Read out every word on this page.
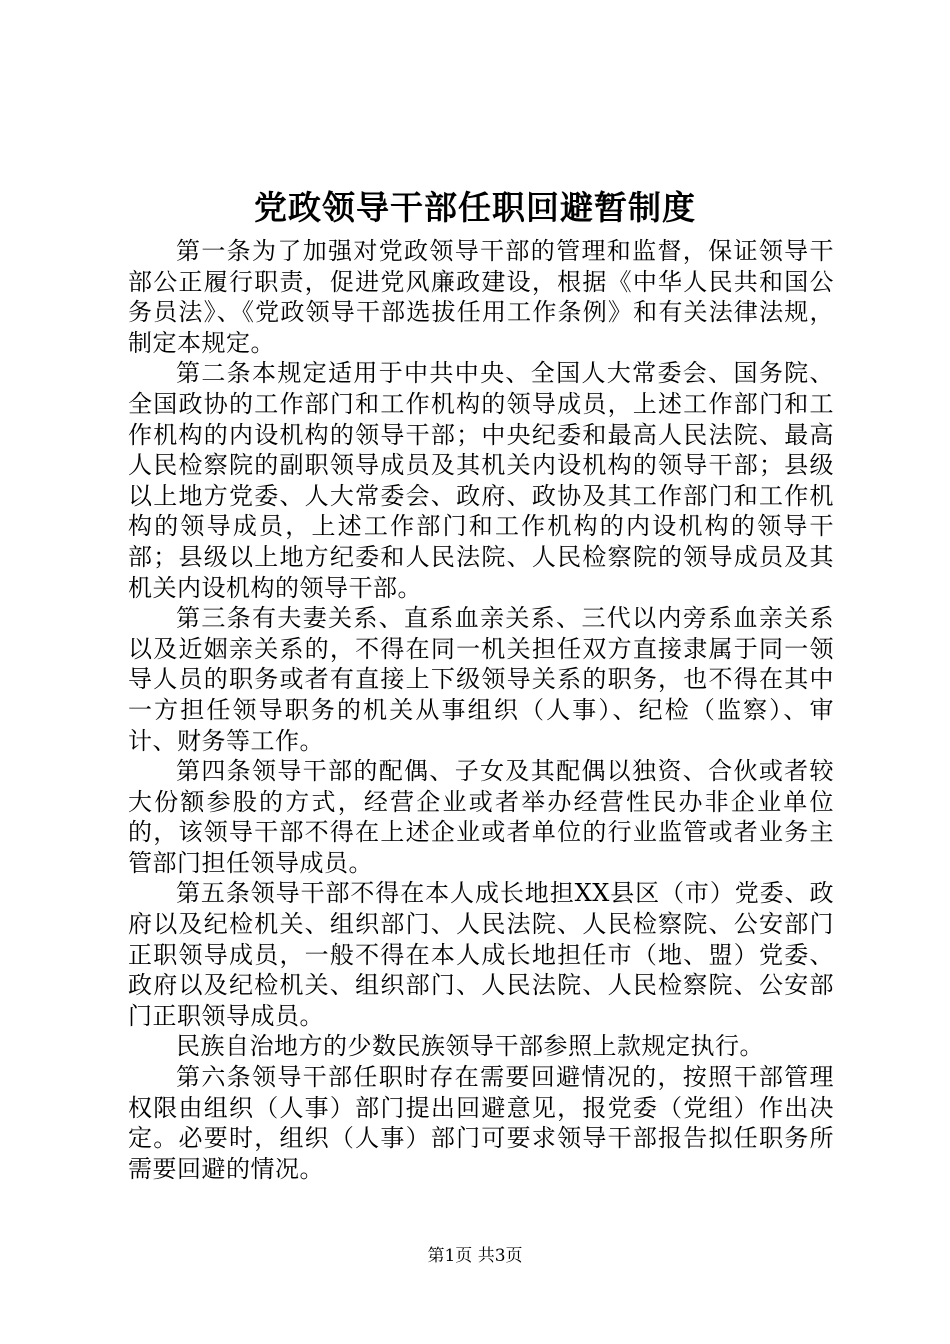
党政领导干部任职回避暂制度

第一条为了加强对党政领导干部的管理和监督，保证领导干部公正履行职责，促进党风廉政建设，根据《中华人民共和国公务员法》、《党政领导干部选拔任用工作条例》和有关法律法规，制定本规定。

第二条本规定适用于中共中央、全国人大常委会、国务院、全国政协的工作部门和工作机构的领导成员，上述工作部门和工作机构的内设机构的领导干部；中央纪委和最高人民法院、最高人民检察院的副职领导成员及其机关内设机构的领导干部；县级以上地方党委、人大常委会、政府、政协及其工作部门和工作机构的领导成员，上述工作部门和工作机构的内设机构的领导干部；县级以上地方纪委和人民法院、人民检察院的领导成员及其机关内设机构的领导干部。

第三条有夫妻关系、直系血亲关系、三代以内旁系血亲关系以及近姻亲关系的，不得在同一机关担任双方直接隶属于同一领导人员的职务或者有直接上下级领导关系的职务，也不得在其中一方担任领导职务的机关从事组织（人事）、纪检（监察）、审计、财务等工作。

第四条领导干部的配偶、子女及其配偶以独资、合伙或者较大份额参股的方式，经营企业或者举办经营性民办非企业单位的，该领导干部不得在上述企业或者单位的行业监管或者业务主管部门担任领导成员。

第五条领导干部不得在本人成长地担XX县区（市）党委、政府以及纪检机关、组织部门、人民法院、人民检察院、公安部门正职领导成员，一般不得在本人成长地担任市（地、盟）党委、政府以及纪检机关、组织部门、人民法院、人民检察院、公安部门正职领导成员。

民族自治地方的少数民族领导干部参照上款规定执行。

第六条领导干部任职时存在需要回避情况的，按照干部管理权限由组织（人事）部门提出回避意见，报党委（党组）作出决定。必要时，组织（人事）部门可要求领导干部报告拟任职务所需要回避的情况。

第1页 共3页
